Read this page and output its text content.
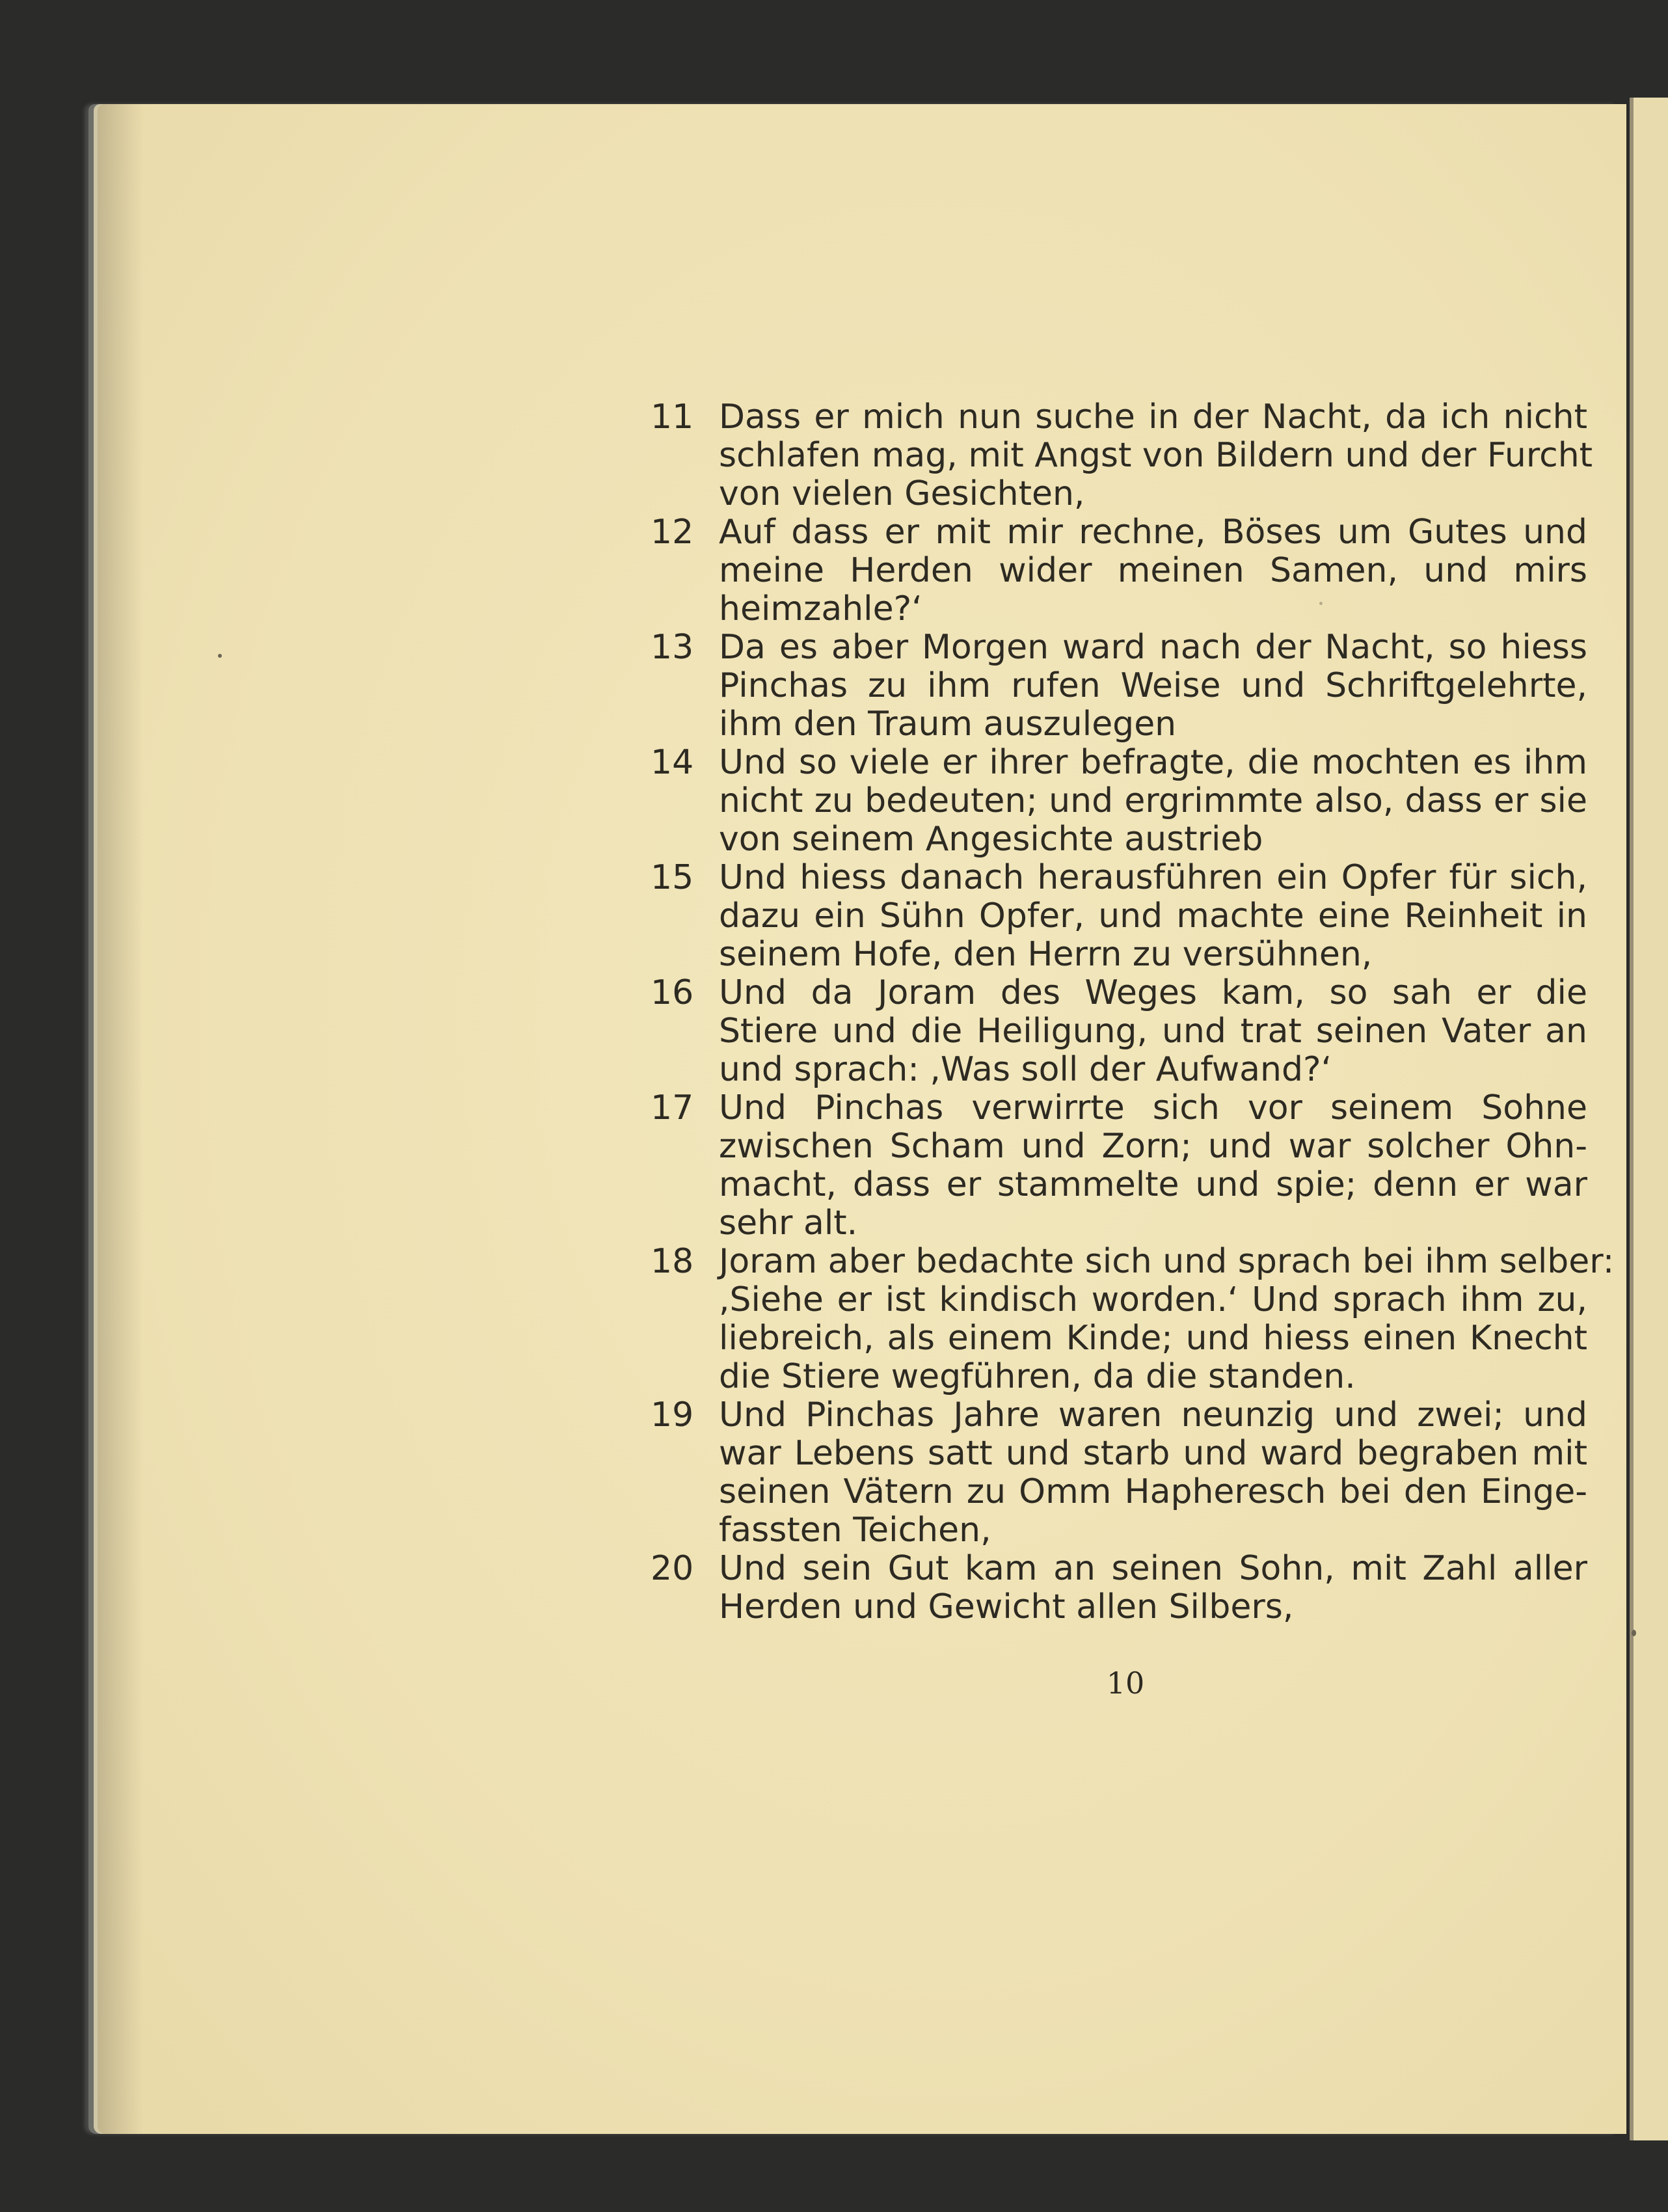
11 Dass er mich nun suche in der Nacht, da ich nicht
schlafen mag, mit Angst von Bildern und der Furcht
von vielen Gesichten,
12 Auf dass er mit mir rechne, Böses um Gutes und
meine Herden wider meinen Samen, und mirs
heimzahle?‘
13 Da es aber Morgen ward nach der Nacht, so hiess
Pinchas zu ihm rufen Weise und Schriftgelehrte,
ihm den Traum auszulegen
14 Und so viele er ihrer befragte, die mochten es ihm
nicht zu bedeuten; und ergrimmte also, dass er sie
von seinem Angesichte austrieb
15 Und hiess danach herausführen ein Opfer für sich,
dazu ein Sühn Opfer, und machte eine Reinheit in
seinem Hofe, den Herrn zu versühnen,
16 Und da Joram des Weges kam, so sah er die
Stiere und die Heiligung, und trat seinen Vater an
und sprach: ,Was soll der Aufwand?‘
17 Und Pinchas verwirrte sich vor seinem Sohne
zwischen Scham und Zorn; und war solcher Ohn-
macht, dass er stammelte und spie; denn er war
sehr alt.
18 Joram aber bedachte sich und sprach bei ihm selber:
,Siehe er ist kindisch worden.‘ Und sprach ihm zu,
liebreich, als einem Kinde; und hiess einen Knecht
die Stiere wegführen, da die standen.
19 Und Pinchas Jahre waren neunzig und zwei; und
war Lebens satt und starb und ward begraben mit
seinen Vätern zu Omm Hapheresch bei den Einge-
fassten Teichen,
20 Und sein Gut kam an seinen Sohn, mit Zahl aller
Herden und Gewicht allen Silbers,
10
